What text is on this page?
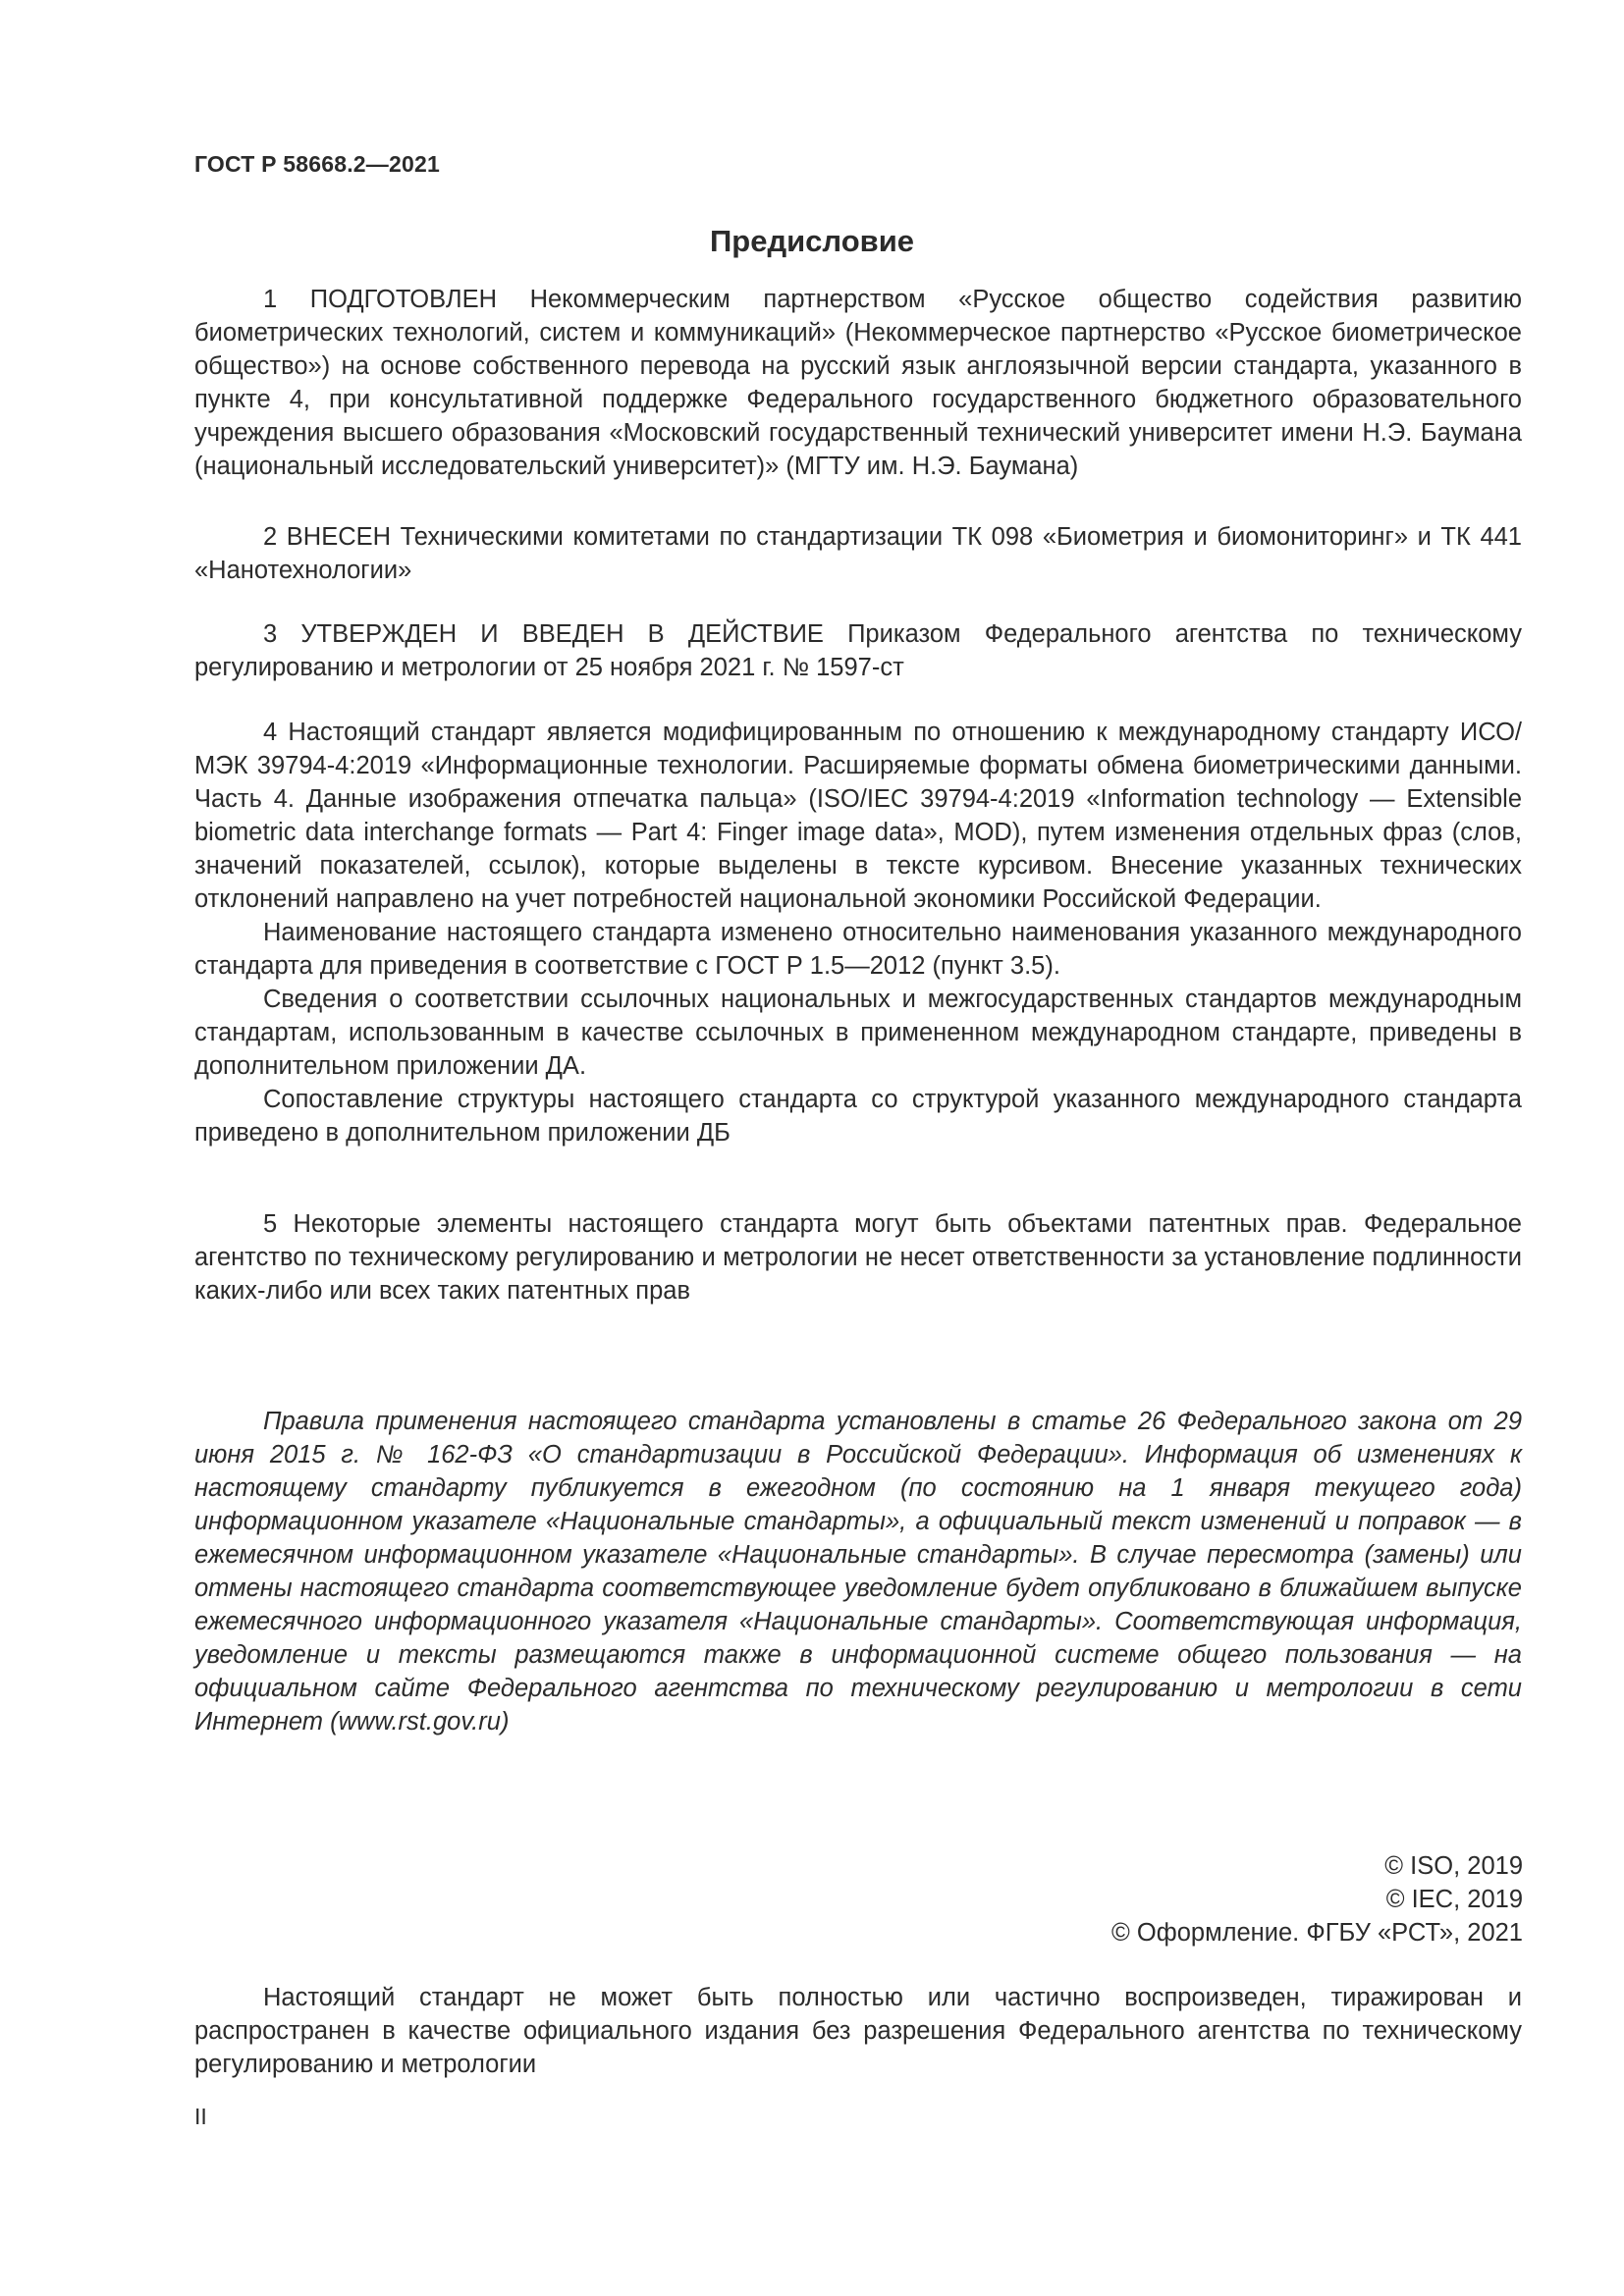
ГОСТ Р 58668.2—2021
Предисловие

1 ПОДГОТОВЛЕН Некоммерческим партнерством «Русское общество содействия развитию биометрических технологий, систем и коммуникаций» (Некоммерческое партнерство «Русское биометрическое общество») на основе собственного перевода на русский язык англоязычной версии стандарта, указанного в пункте 4, при консультативной поддержке Федерального государственного бюджетного образовательного учреждения высшего образования «Московский государственный технический университет имени Н.Э. Баумана (национальный исследовательский университет)» (МГТУ им. Н.Э. Баумана)

2 ВНЕСЕН Техническими комитетами по стандартизации ТК 098 «Биометрия и биомониторинг» и ТК 441 «Нанотехнологии»

3 УТВЕРЖДЕН И ВВЕДЕН В ДЕЙСТВИЕ Приказом Федерального агентства по техническому регулированию и метрологии от 25 ноября 2021 г. № 1597-ст

4 Настоящий стандарт является модифицированным по отношению к международному стандарту ИСО/МЭК 39794-4:2019 «Информационные технологии. Расширяемые форматы обмена биометрическими данными. Часть 4. Данные изображения отпечатка пальца» (ISO/IEC 39794-4:2019 «Information technology — Extensible biometric data interchange formats — Part 4: Finger image data», MOD), путем изменения отдельных фраз (слов, значений показателей, ссылок), которые выделены в тексте курсивом. Внесение указанных технических отклонений направлено на учет потребностей национальной экономики Российской Федерации.

Наименование настоящего стандарта изменено относительно наименования указанного международного стандарта для приведения в соответствие с ГОСТ Р 1.5—2012 (пункт 3.5).

Сведения о соответствии ссылочных национальных и межгосударственных стандартов международным стандартам, использованным в качестве ссылочных в примененном международном стандарте, приведены в дополнительном приложении ДА.

Сопоставление структуры настоящего стандарта со структурой указанного международного стандарта приведено в дополнительном приложении ДБ

5 Некоторые элементы настоящего стандарта могут быть объектами патентных прав. Федеральное агентство по техническому регулированию и метрологии не несет ответственности за установление подлинности каких-либо или всех таких патентных прав

Правила применения настоящего стандарта установлены в статье 26 Федерального закона от 29 июня 2015 г. № 162-ФЗ «О стандартизации в Российской Федерации». Информация об изменениях к настоящему стандарту публикуется в ежегодном (по состоянию на 1 января текущего года) информационном указателе «Национальные стандарты», а официальный текст изменений и поправок — в ежемесячном информационном указателе «Национальные стандарты». В случае пересмотра (замены) или отмены настоящего стандарта соответствующее уведомление будет опубликовано в ближайшем выпуске ежемесячного информационного указателя «Национальные стандарты». Соответствующая информация, уведомление и тексты размещаются также в информационной системе общего пользования — на официальном сайте Федерального агентства по техническому регулированию и метрологии в сети Интернет (www.rst.gov.ru)

© ISO, 2019
© IEC, 2019
© Оформление. ФГБУ «РСТ», 2021

Настоящий стандарт не может быть полностью или частично воспроизведен, тиражирован и распространен в качестве официального издания без разрешения Федерального агентства по техническому регулированию и метрологии

II
